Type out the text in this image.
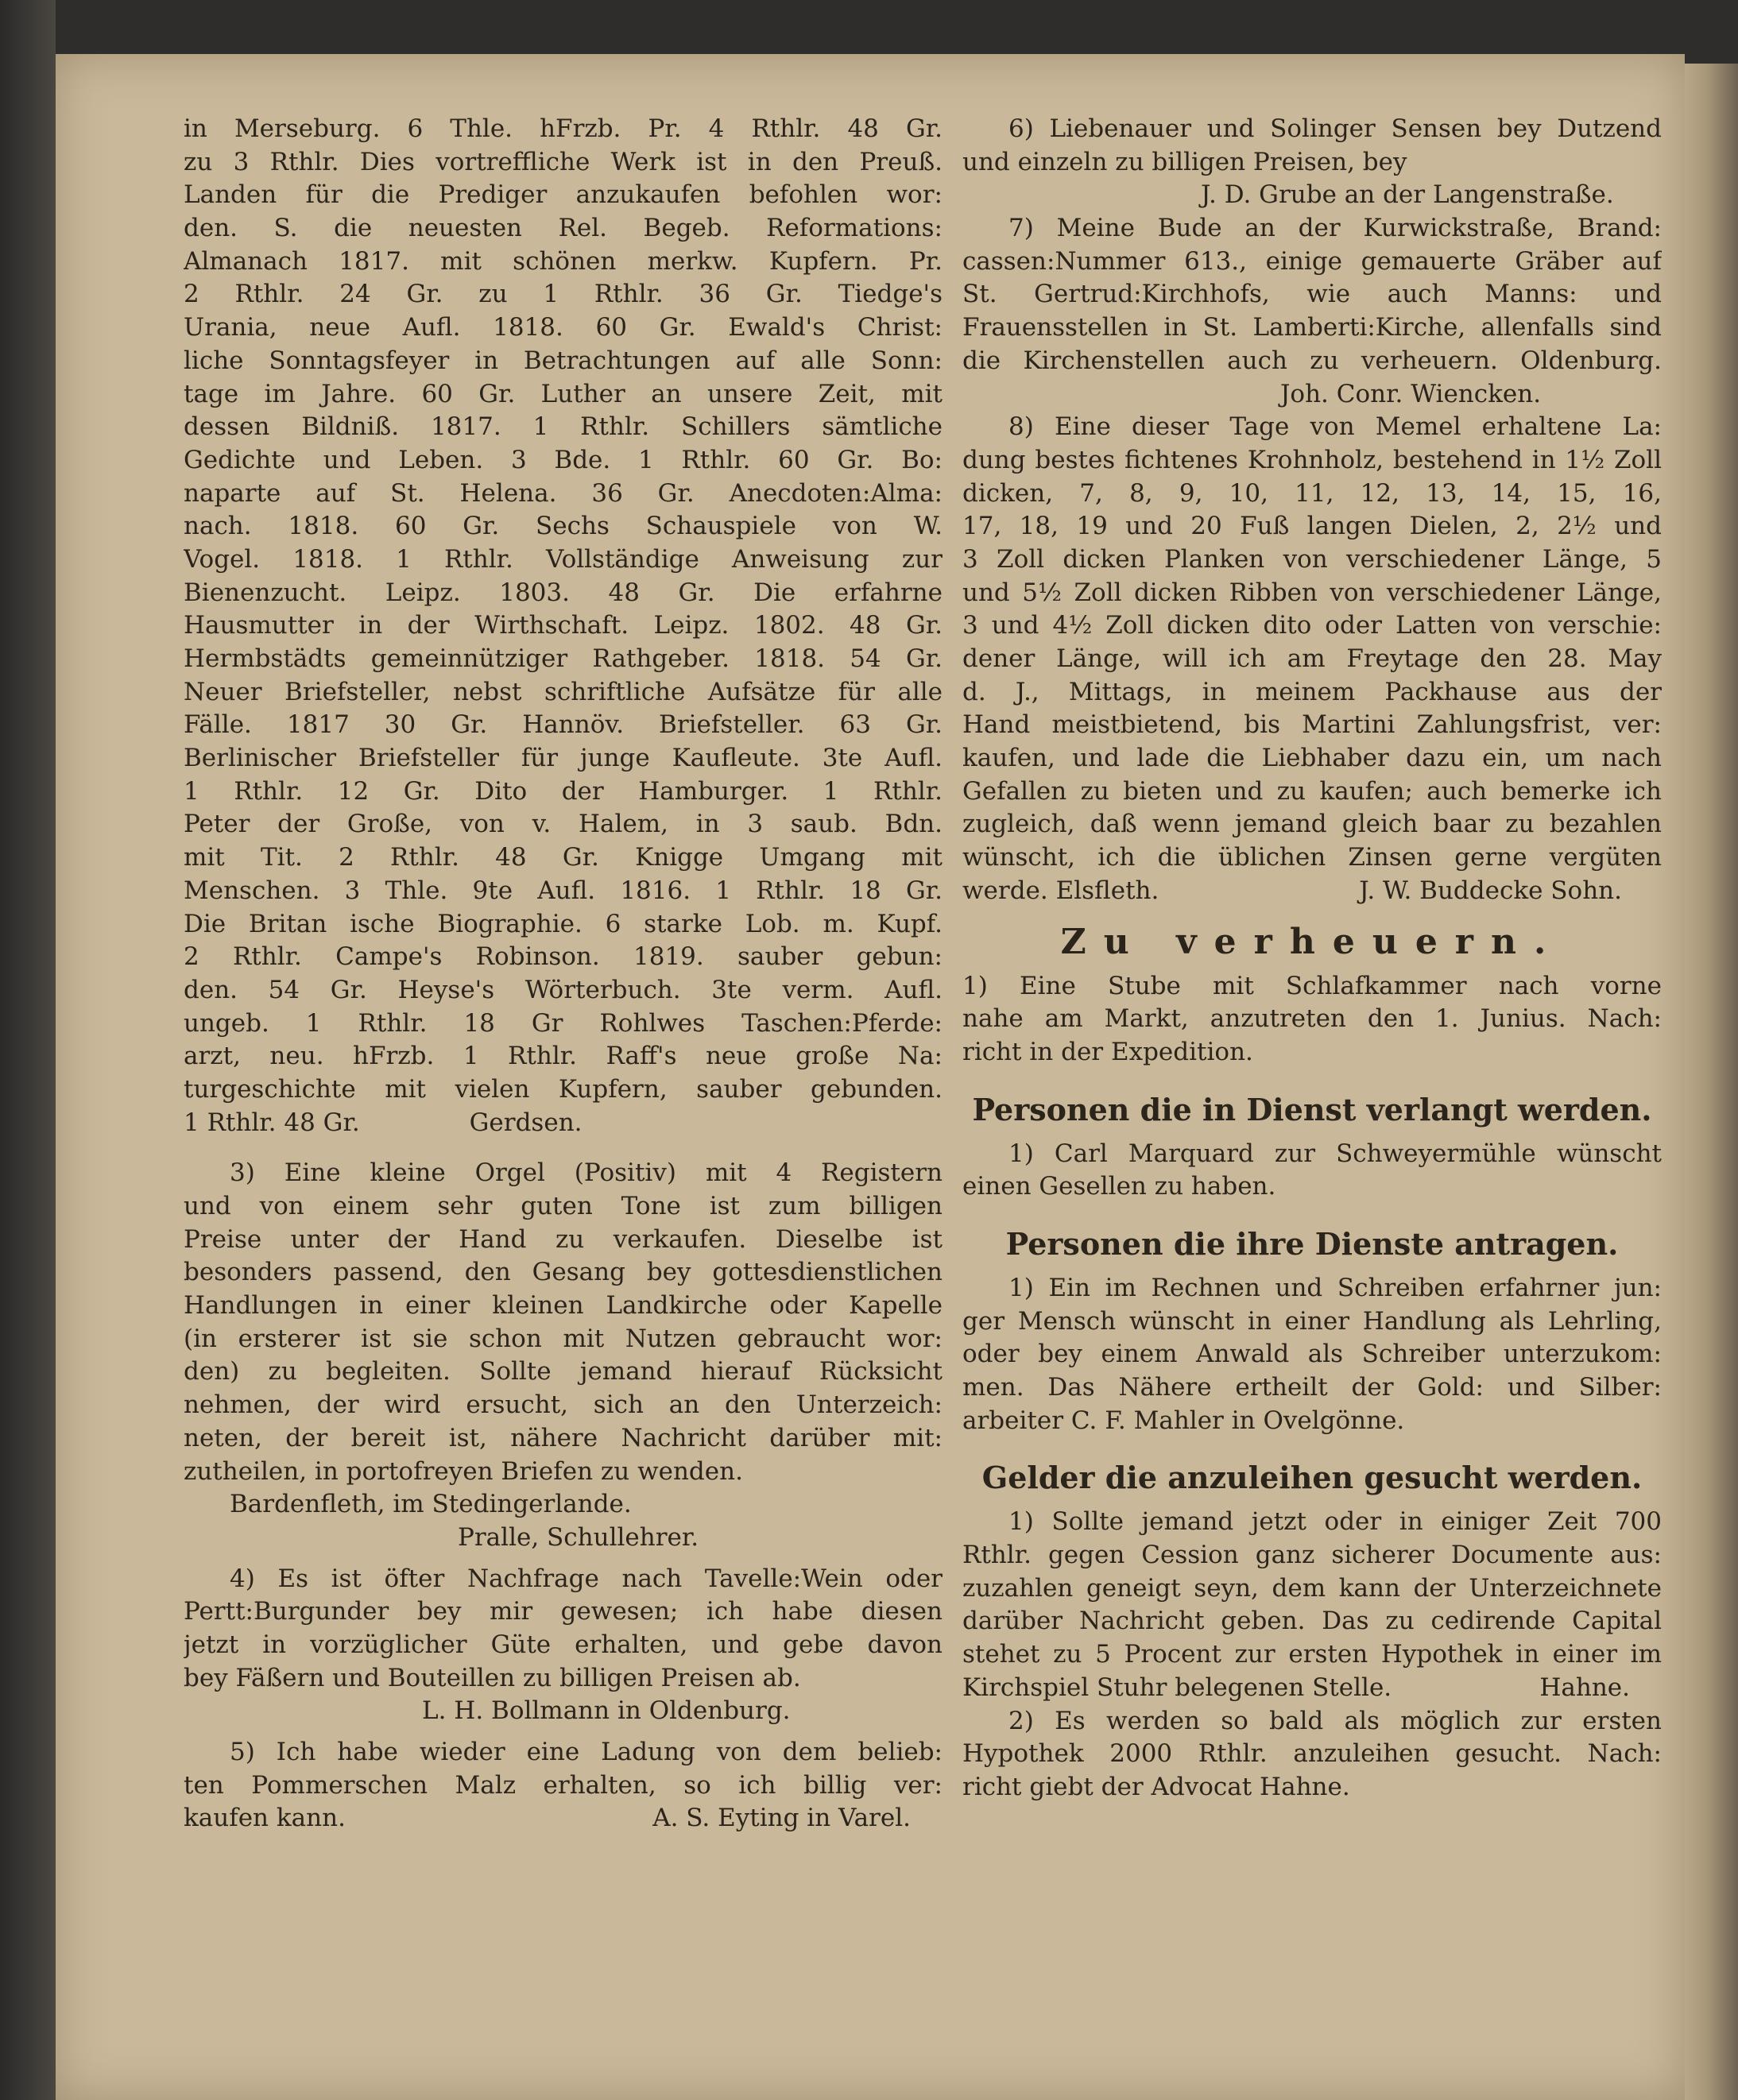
in Merseburg. 6 Thle. hFrzb. Pr. 4 Rthlr. 48 Gr.
zu 3 Rthlr. Dies vortreffliche Werk ist in den Preuß.
Landen für die Prediger anzukaufen befohlen wor:
den. S. die neuesten Rel. Begeb. Reformations:
Almanach 1817. mit schönen merkw. Kupfern. Pr.
2 Rthlr. 24 Gr. zu 1 Rthlr. 36 Gr. Tiedge's
Urania, neue Aufl. 1818. 60 Gr. Ewald's Christ:
liche Sonntagsfeyer in Betrachtungen auf alle Sonn:
tage im Jahre. 60 Gr. Luther an unsere Zeit, mit
dessen Bildniß. 1817. 1 Rthlr. Schillers sämtliche
Gedichte und Leben. 3 Bde. 1 Rthlr. 60 Gr. Bo:
naparte auf St. Helena. 36 Gr. Anecdoten:Alma:
nach. 1818. 60 Gr. Sechs Schauspiele von W.
Vogel. 1818. 1 Rthlr. Vollständige Anweisung zur
Bienenzucht. Leipz. 1803. 48 Gr. Die erfahrne
Hausmutter in der Wirthschaft. Leipz. 1802. 48 Gr.
Hermbstädts gemeinnütziger Rathgeber. 1818. 54 Gr.
Neuer Briefsteller, nebst schriftliche Aufsätze für alle
Fälle. 1817 30 Gr. Hannöv. Briefsteller. 63 Gr.
Berlinischer Briefsteller für junge Kaufleute. 3te Aufl.
1 Rthlr. 12 Gr. Dito der Hamburger. 1 Rthlr.
Peter der Große, von v. Halem, in 3 saub. Bdn.
mit Tit. 2 Rthlr. 48 Gr. Knigge Umgang mit
Menschen. 3 Thle. 9te Aufl. 1816. 1 Rthlr. 18 Gr.
Die Britan ische Biographie. 6 starke Lob. m. Kupf.
2 Rthlr. Campe's Robinson. 1819. sauber gebun:
den. 54 Gr. Heyse's Wörterbuch. 3te verm. Aufl.
ungeb. 1 Rthlr. 18 Gr Rohlwes Taschen:Pferde:
arzt, neu. hFrzb. 1 Rthlr. Raff's neue große Na:
turgeschichte mit vielen Kupfern, sauber gebunden.
1 Rthlr. 48 Gr.              Gerdsen.
3) Eine kleine Orgel (Positiv) mit 4 Registern
und von einem sehr guten Tone ist zum billigen
Preise unter der Hand zu verkaufen. Dieselbe ist
besonders passend, den Gesang bey gottesdienstlichen
Handlungen in einer kleinen Landkirche oder Kapelle
(in ersterer ist sie schon mit Nutzen gebraucht wor:
den) zu begleiten. Sollte jemand hierauf Rücksicht
nehmen, der wird ersucht, sich an den Unterzeich:
neten, der bereit ist, nähere Nachricht darüber mit:
zutheilen, in portofreyen Briefen zu wenden.
Bardenfleth, im Stedingerlande.
Pralle, Schullehrer.
4) Es ist öfter Nachfrage nach Tavelle:Wein oder
Pertt:Burgunder bey mir gewesen; ich habe diesen
jetzt in vorzüglicher Güte erhalten, und gebe davon
bey Fäßern und Bouteillen zu billigen Preisen ab.
L. H. Bollmann in Oldenburg.
5) Ich habe wieder eine Ladung von dem belieb:
ten Pommerschen Malz erhalten, so ich billig ver:
kaufen kann.	A. S. Eyting in Varel.
6) Liebenauer und Solinger Sensen bey Dutzend
und einzeln zu billigen Preisen, bey
J. D. Grube an der Langenstraße.
7) Meine Bude an der Kurwickstraße, Brand:
cassen:Nummer 613., einige gemauerte Gräber auf
St. Gertrud:Kirchhofs, wie auch Manns: und
Frauensstellen in St. Lamberti:Kirche, allenfalls sind
die Kirchenstellen auch zu verheuern. Oldenburg.
Joh. Conr. Wiencken.
8) Eine dieser Tage von Memel erhaltene La:
dung bestes fichtenes Krohnholz, bestehend in 1½ Zoll
dicken, 7, 8, 9, 10, 11, 12, 13, 14, 15, 16,
17, 18, 19 und 20 Fuß langen Dielen, 2, 2½ und
3 Zoll dicken Planken von verschiedener Länge, 5
und 5½ Zoll dicken Ribben von verschiedener Länge,
3 und 4½ Zoll dicken dito oder Latten von verschie:
dener Länge, will ich am Freytage den 28. May
d. J., Mittags, in meinem Packhause aus der
Hand meistbietend, bis Martini Zahlungsfrist, ver:
kaufen, und lade die Liebhaber dazu ein, um nach
Gefallen zu bieten und zu kaufen; auch bemerke ich
zugleich, daß wenn jemand gleich baar zu bezahlen
wünscht, ich die üblichen Zinsen gerne vergüten
werde. Elsfleth.	J. W. Buddecke Sohn.
Zu verheuern.
1) Eine Stube mit Schlafkammer nach vorne
nahe am Markt, anzutreten den 1. Junius. Nach:
richt in der Expedition.
Personen die in Dienst verlangt werden.
1) Carl Marquard zur Schweyermühle wünscht
einen Gesellen zu haben.
Personen die ihre Dienste antragen.
1) Ein im Rechnen und Schreiben erfahrner jun:
ger Mensch wünscht in einer Handlung als Lehrling,
oder bey einem Anwald als Schreiber unterzukom:
men. Das Nähere ertheilt der Gold: und Silber:
arbeiter C. F. Mahler in Ovelgönne.
Gelder die anzuleihen gesucht werden.
1) Sollte jemand jetzt oder in einiger Zeit 700
Rthlr. gegen Cession ganz sicherer Documente aus:
zuzahlen geneigt seyn, dem kann der Unterzeichnete
darüber Nachricht geben. Das zu cedirende Capital
stehet zu 5 Procent zur ersten Hypothek in einer im
Kirchspiel Stuhr belegenen Stelle.	Hahne.
2) Es werden so bald als möglich zur ersten
Hypothek 2000 Rthlr. anzuleihen gesucht. Nach:
richt giebt der Advocat Hahne.
